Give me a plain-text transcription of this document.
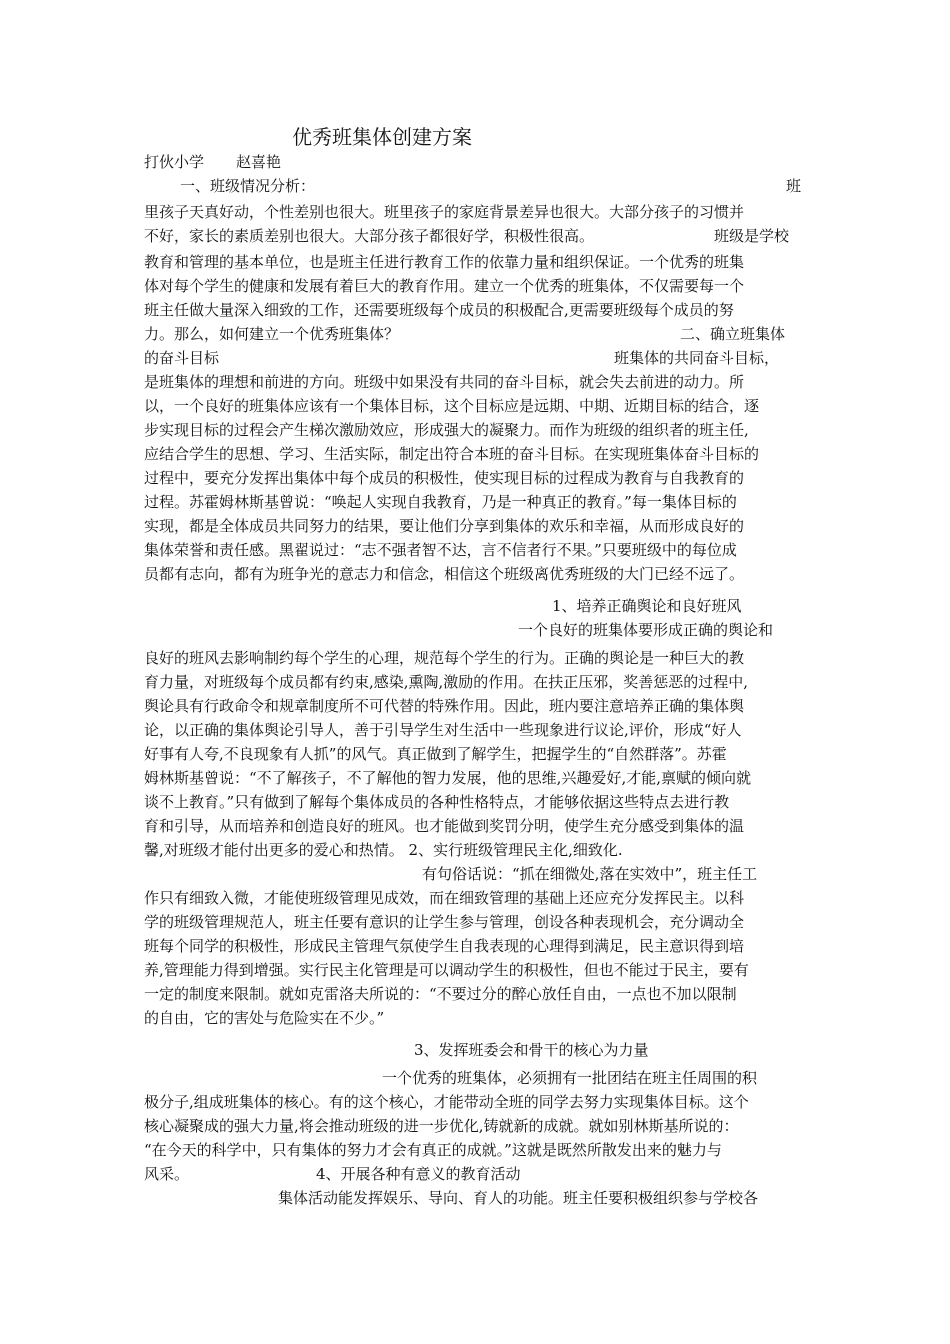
优秀班集体创建方案
打伙小学 赵喜艳
一、班级情况分析：	班
里孩子天真好动，个性差别也很大。班里孩子的家庭背景差异也很大。大部分孩子的习惯并
不好，家长的素质差别也很大。大部分孩子都很好学，积极性很高。	班级是学校
教育和管理的基本单位，也是班主任进行教育工作的依靠力量和组织保证。一个优秀的班集
体对每个学生的健康和发展有着巨大的教育作用。建立一个优秀的班集体，不仅需要每一个
班主任做大量深入细致的工作，还需要班级每个成员的积极配合,更需要班级每个成员的努
力。那么，如何建立一个优秀班集体？	二、确立班集体
的奋斗目标	班集体的共同奋斗目标，
是班集体的理想和前进的方向。班级中如果没有共同的奋斗目标，就会失去前进的动力。所
以，一个良好的班集体应该有一个集体目标，这个目标应是远期、中期、近期目标的结合，逐
步实现目标的过程会产生梯次激励效应，形成强大的凝聚力。而作为班级的组织者的班主任,
应结合学生的思想、学习、生活实际，制定出符合本班的奋斗目标。在实现班集体奋斗目标的
过程中，要充分发挥出集体中每个成员的积极性，使实现目标的过程成为教育与自我教育的
过程。苏霍姆林斯基曾说：“唤起人实现自我教育，乃是一种真正的教育。”每一集体目标的
实现，都是全体成员共同努力的结果，要让他们分享到集体的欢乐和幸福，从而形成良好的
集体荣誉和责任感。黑翟说过：“志不强者智不达，言不信者行不果。”只要班级中的每位成
员都有志向，都有为班争光的意志力和信念，相信这个班级离优秀班级的大门已经不远了。
1、培养正确舆论和良好班风
一个良好的班集体要形成正确的舆论和
良好的班风去影响制约每个学生的心理，规范每个学生的行为。正确的舆论是一种巨大的教
育力量，对班级每个成员都有约束,感染,熏陶,激励的作用。在扶正压邪，奖善惩恶的过程中,
舆论具有行政命令和规章制度所不可代替的特殊作用。因此，班内要注意培养正确的集体舆
论，以正确的集体舆论引导人，善于引导学生对生活中一些现象进行议论,评价，形成“好人
好事有人夸,不良现象有人抓”的风气。真正做到了解学生，把握学生的“自然群落”。苏霍
姆林斯基曾说：“不了解孩子，不了解他的智力发展，他的思维,兴趣爱好,才能,禀赋的倾向就
谈不上教育。”只有做到了解每个集体成员的各种性格特点，才能够依据这些特点去进行教
育和引导，从而培养和创造良好的班风。也才能做到奖罚分明，使学生充分感受到集体的温
馨,对班级才能付出更多的爱心和热情。 2、实行班级管理民主化,细致化.
有句俗话说：“抓在细微处,落在实效中”，班主任工
作只有细致入微，才能使班级管理见成效，而在细致管理的基础上还应充分发挥民主。以科
学的班级管理规范人，班主任要有意识的让学生参与管理，创设各种表现机会，充分调动全
班每个同学的积极性，形成民主管理气氛使学生自我表现的心理得到满足，民主意识得到培
养,管理能力得到增强。实行民主化管理是可以调动学生的积极性，但也不能过于民主，要有
一定的制度来限制。就如克雷洛夫所说的：“不要过分的醉心放任自由，一点也不加以限制
的自由，它的害处与危险实在不少。”
3、发挥班委会和骨干的核心为力量
一个优秀的班集体，必须拥有一批团结在班主任周围的积
极分子,组成班集体的核心。有的这个核心，才能带动全班的同学去努力实现集体目标。这个
核心凝聚成的强大力量,将会推动班级的进一步优化,铸就新的成就。就如别林斯基所说的：
“在今天的科学中，只有集体的努力才会有真正的成就。”这就是既然所散发出来的魅力与
风采。	4、开展各种有意义的教育活动
集体活动能发挥娱乐、导向、育人的功能。班主任要积极组织参与学校各
